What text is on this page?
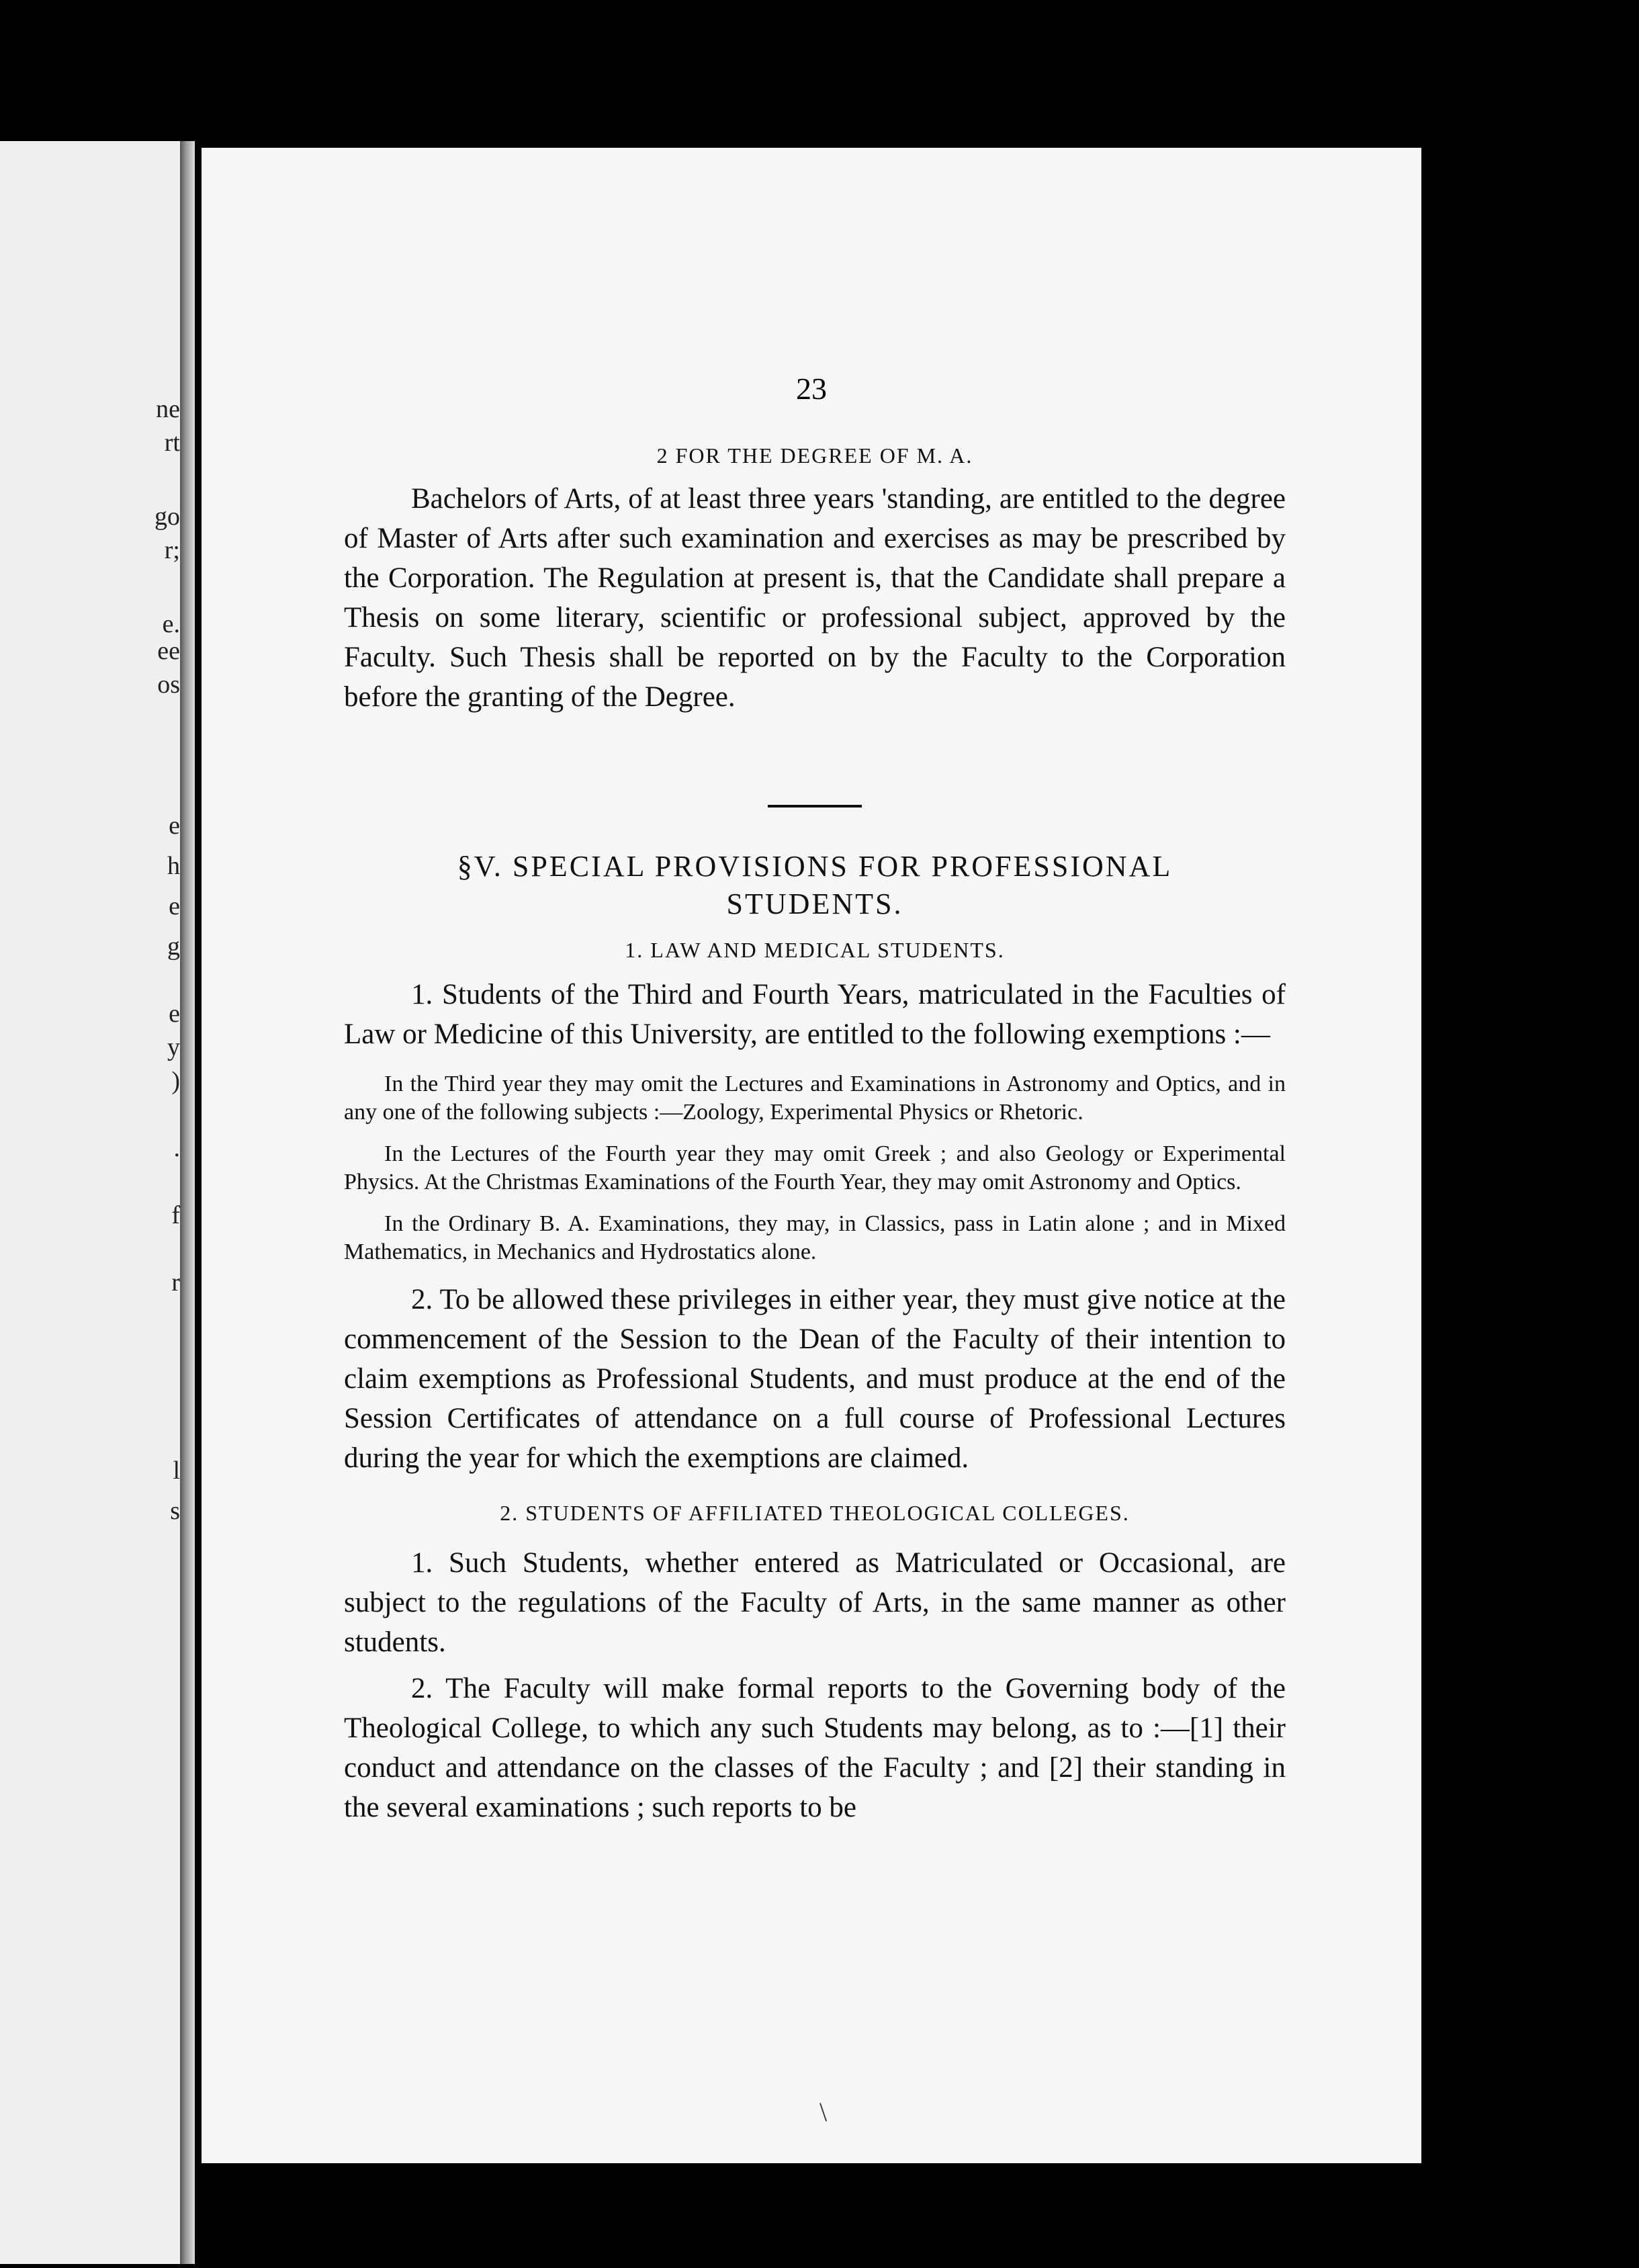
ne
rt
go
r;
e.
ee
os
e
h
e
g
e
y
)
.
f
r
l
s
23
2 FOR THE DEGREE OF M. A.

Bachelors of Arts, of at least three years 'standing, are entitled to the degree of Master of Arts after such examination and exercises as may be prescribed by the Corporation. The Regulation at present is, that the Candidate shall prepare a Thesis on some literary, scientific or professional subject, approved by the Faculty. Such Thesis shall be reported on by the Faculty to the Corporation before the granting of the Degree.

§V. SPECIAL PROVISIONS FOR PROFESSIONAL

STUDENTS.

1. LAW AND MEDICAL STUDENTS.

1. Students of the Third and Fourth Years, matriculated in the Faculties of Law or Medicine of this University, are entitled to the following exemptions :—

In the Third year they may omit the Lectures and Examinations in Astronomy and Optics, and in any one of the following subjects :—Zoology, Experimental Physics or Rhetoric.

In the Lectures of the Fourth year they may omit Greek ; and also Geology or Experimental Physics. At the Christmas Examinations of the Fourth Year, they may omit Astronomy and Optics.

In the Ordinary B. A. Examinations, they may, in Classics, pass in Latin alone ; and in Mixed Mathematics, in Mechanics and Hydrostatics alone.

2. To be allowed these privileges in either year, they must give notice at the commencement of the Session to the Dean of the Faculty of their intention to claim exemptions as Professional Students, and must produce at the end of the Session Certificates of attendance on a full course of Professional Lectures during the year for which the exemptions are claimed.

2. STUDENTS OF AFFILIATED THEOLOGICAL COLLEGES.

1. Such Students, whether entered as Matriculated or Occasional, are subject to the regulations of the Faculty of Arts, in the same manner as other students.

2. The Faculty will make formal reports to the Governing body of the Theological College, to which any such Students may belong, as to :—[1] their conduct and attendance on the classes of the Faculty ; and [2] their standing in the several examinations ; such reports to be

\
